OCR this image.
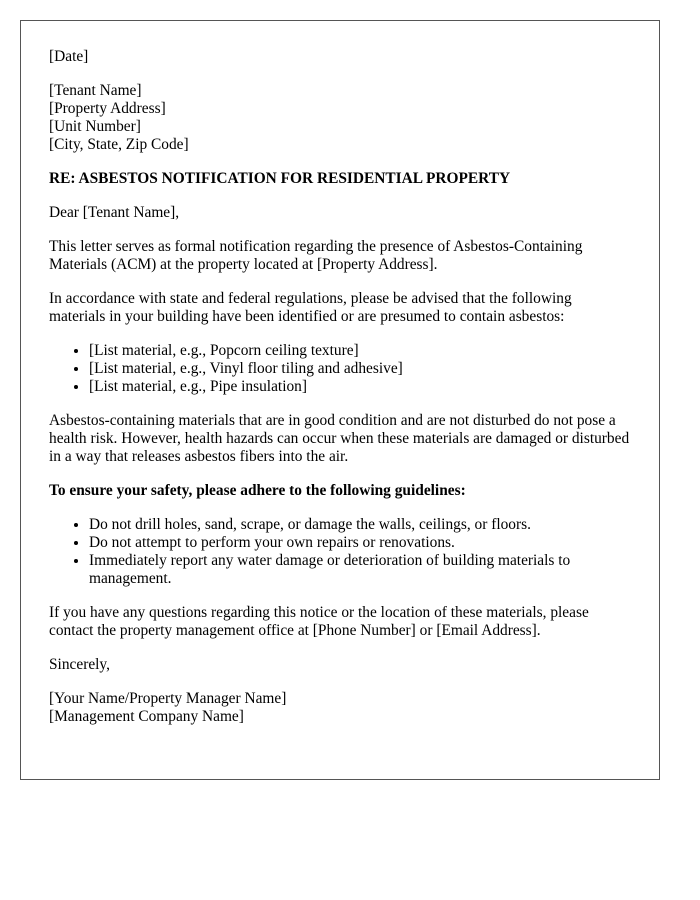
[Date]
[Tenant Name]
[Property Address]
[Unit Number]
[City, State, Zip Code]

RE: ASBESTOS NOTIFICATION FOR RESIDENTIAL PROPERTY

Dear [Tenant Name],

This letter serves as formal notification regarding the presence of Asbestos-Containing Materials (ACM) at the property located at [Property Address].

In accordance with state and federal regulations, please be advised that the following materials in your building have been identified or are presumed to contain asbestos:

• [List material, e.g., Popcorn ceiling texture]
• [List material, e.g., Vinyl floor tiling and adhesive]
• [List material, e.g., Pipe insulation]

Asbestos-containing materials that are in good condition and are not disturbed do not pose a health risk. However, health hazards can occur when these materials are damaged or disturbed in a way that releases asbestos fibers into the air.

To ensure your safety, please adhere to the following guidelines:

• Do not drill holes, sand, scrape, or damage the walls, ceilings, or floors.
• Do not attempt to perform your own repairs or renovations.
• Immediately report any water damage or deterioration of building materials to management.

If you have any questions regarding this notice or the location of these materials, please contact the property management office at [Phone Number] or [Email Address].

Sincerely,

[Your Name/Property Manager Name]
[Management Company Name]
